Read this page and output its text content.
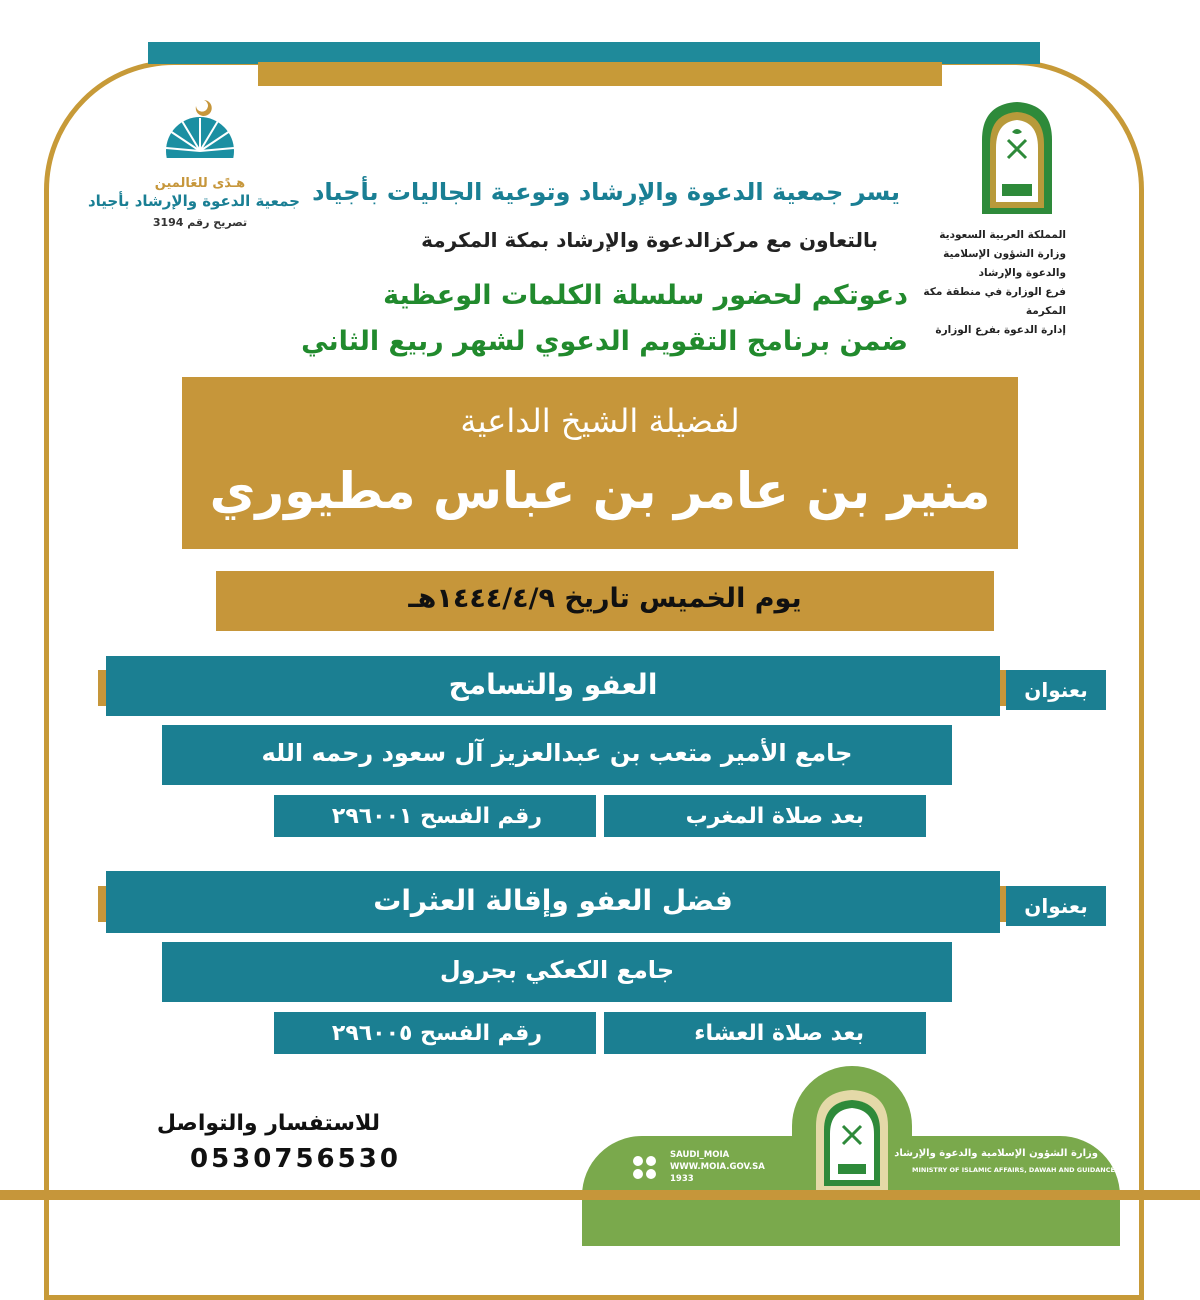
هـدًى للعَالمين
جمعية الدعوة والإرشاد بأجياد
تصريح رقم 3194
المملكة العربية السعودية
وزارة الشؤون الإسلامية والدعوة والإرشاد
فرع الوزارة في منطقة مكة المكرمة
إدارة الدعوة بفرع الوزارة
يسر جمعية الدعوة والإرشاد وتوعية الجاليات بأجياد
بالتعاون مع مركزالدعوة والإرشاد بمكة المكرمة
دعوتكم لحضور سلسلة الكلمات الوعظية
ضمن برنامج التقويم الدعوي لشهر ربيع الثاني
لفضيلة الشيخ الداعية
منير بن عامر بن عباس مطيوري
يوم الخميس تاريخ ١٤٤٤/٤/٩هـ
بعنوان
العفو والتسامح
جامع الأمير متعب بن عبدالعزيز آل سعود رحمه الله
بعد صلاة المغرب
رقم الفسح ٢٩٦٠٠١
بعنوان
فضل العفو وإقالة العثرات
جامع الكعكي بجرول
بعد صلاة العشاء
رقم الفسح ٢٩٦٠٠٥
للاستفسار والتواصل
0530756530	SAUDI_MOIA
WWW.MOIA.GOV.SA
1933
وزارة الشؤون الإسلامية والدعوة والإرشاد
MINISTRY OF ISLAMIC AFFAIRS, DAWAH AND GUIDANCE
